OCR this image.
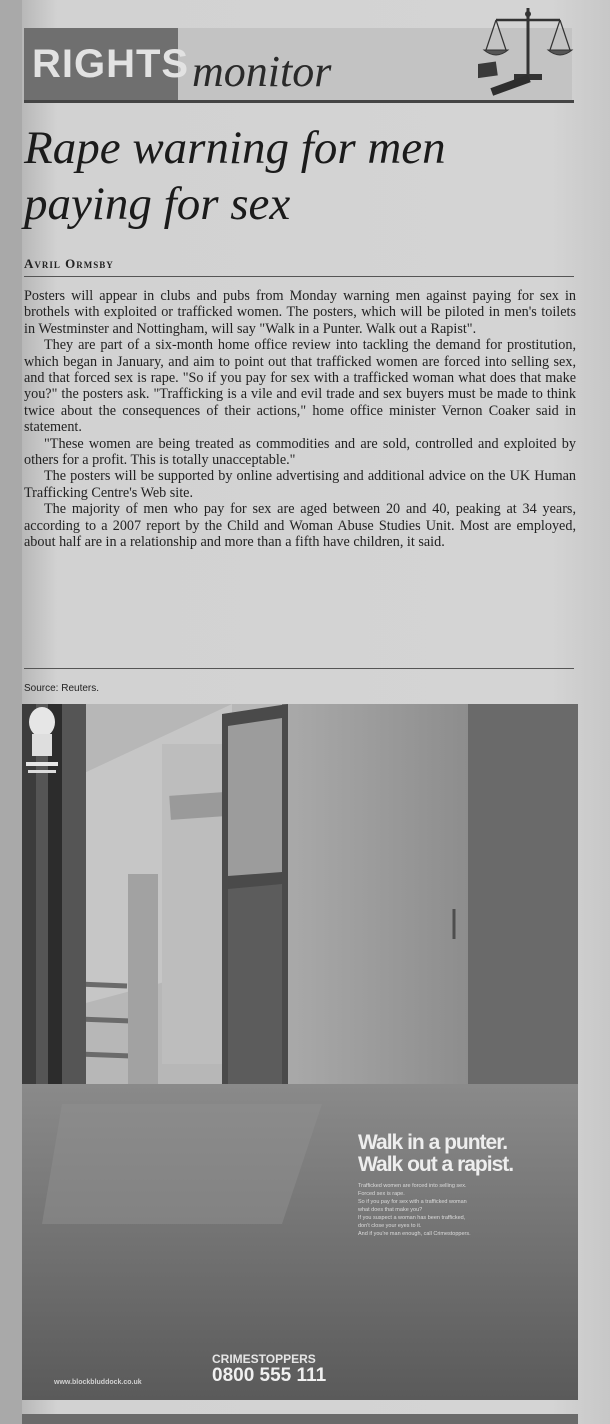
RIGHTS monitor
Rape warning for men paying for sex
Avril Ormsby

Posters will appear in clubs and pubs from Monday warning men against paying for sex in brothels with exploited or trafficked women. The posters, which will be piloted in men's toilets in Westminster and Nottingham, will say "Walk in a Punter. Walk out a Rapist".

They are part of a six-month home office review into tackling the demand for prostitution, which began in January, and aim to point out that trafficked women are forced into selling sex, and that forced sex is rape. "So if you pay for sex with a trafficked woman what does that make you?" the posters ask. "Trafficking is a vile and evil trade and sex buyers must be made to think twice about the consequences of their actions," home office minister Vernon Coaker said in statement.

"These women are being treated as commodities and are sold, controlled and exploited by others for a profit. This is totally unacceptable."

The posters will be supported by online advertising and additional advice on the UK Human Trafficking Centre's Web site.

The majority of men who pay for sex are aged between 20 and 40, peaking at 34 years, according to a 2007 report by the Child and Woman Abuse Studies Unit. Most are employed, about half are in a relationship and more than a fifth have children, it said.

Source: Reuters.
Walk in a punter.
Walk out a rapist.
Trafficked women are forced into selling sex.
Forced sex is rape.
So if you pay for sex with a trafficked woman
what does that make you?
If you suspect a woman has been trafficked,
don't close your eyes to it.
And if you're man enough, call Crimestoppers.
www.blockbluddock.co.uk
CRIMESTOPPERS
0800 555 111
